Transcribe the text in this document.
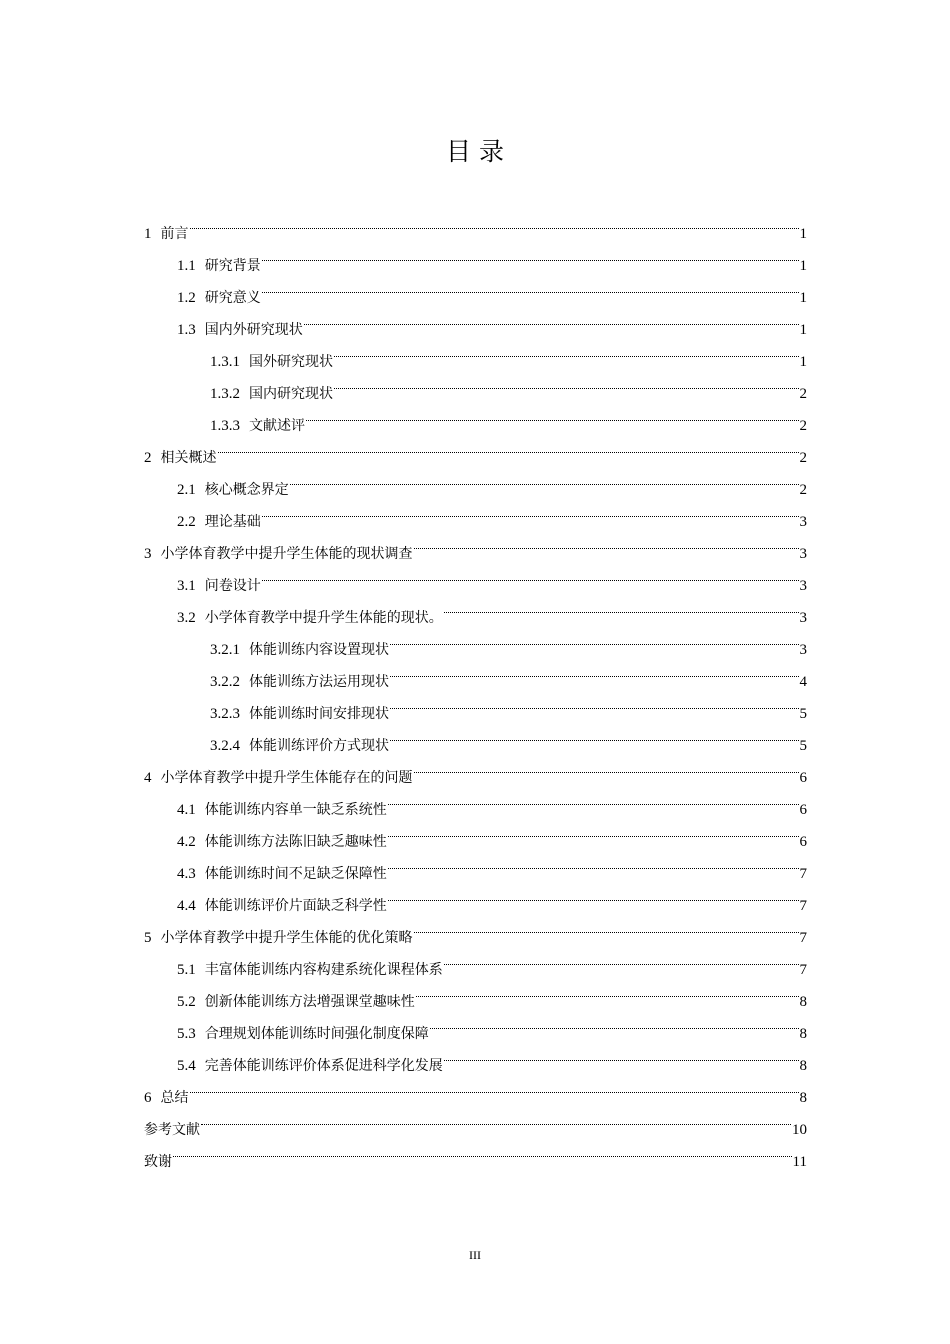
目 录
1 前言	1
1.1 研究背景	1
1.2 研究意义	1
1.3 国内外研究现状	1
1.3.1 国外研究现状	1
1.3.2 国内研究现状	2
1.3.3 文献述评	2
2 相关概述	2
2.1 核心概念界定	2
2.2 理论基础	3
3 小学体育教学中提升学生体能的现状调查	3
3.1 问卷设计	3
3.2 小学体育教学中提升学生体能的现状。	3
3.2.1 体能训练内容设置现状	3
3.2.2 体能训练方法运用现状	4
3.2.3 体能训练时间安排现状	5
3.2.4 体能训练评价方式现状	5
4 小学体育教学中提升学生体能存在的问题	6
4.1 体能训练内容单一缺乏系统性	6
4.2 体能训练方法陈旧缺乏趣味性	6
4.3 体能训练时间不足缺乏保障性	7
4.4 体能训练评价片面缺乏科学性	7
5 小学体育教学中提升学生体能的优化策略	7
5.1 丰富体能训练内容构建系统化课程体系	7
5.2 创新体能训练方法增强课堂趣味性	8
5.3 合理规划体能训练时间强化制度保障	8
5.4 完善体能训练评价体系促进科学化发展	8
6 总结	8
参考文献	10
致谢	11
III
